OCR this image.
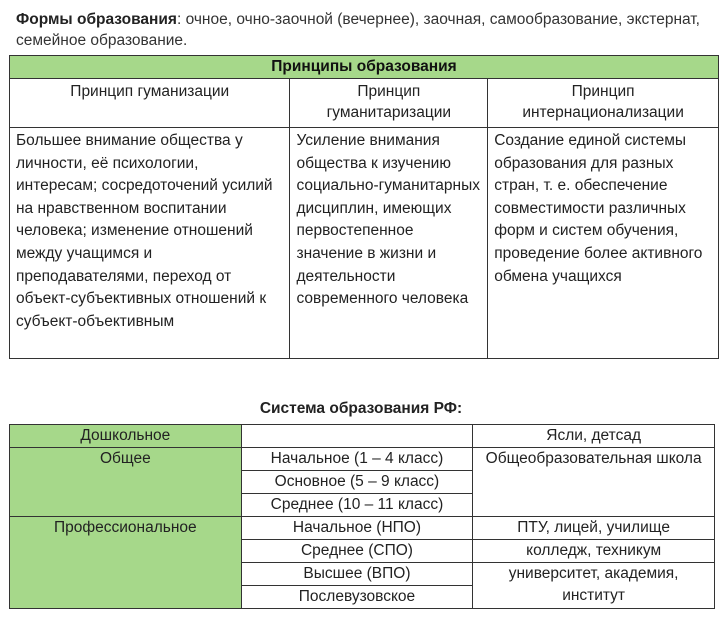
Формы образования: очное, очно-заочной (вечернее), заочная, самообразование, экстернат, семейное образование.
Принципы образования		
Принцип гуманизации	Принцип гуманитаризации	Принцип интернационализации
Большее внимание общества у личности, её психологии, интересам; сосредоточений усилий на нравственном воспитании человека; изменение отношений между учащимся и преподавателями, переход от объект-субъективных отношений к субъект-объективным	Усиление внимания общества к изучению социально-гуманитарных дисциплин, имеющих первостепенное значение в жизни и деятельности современного человека	Создание единой системы образования для разных стран, т. е. обеспечение совместимости различных форм и систем обучения, проведение более активного обмена учащихся
Система образования РФ:
Дошкольное		Ясли, детсад
Общее	Начальное (1 – 4 класс)	Общеобразовательная школа
	Основное (5 – 9 класс)	
	Среднее (10 – 11 класс)	
Профессиональное	Начальное (НПО)	ПТУ, лицей, училище
	Среднее (СПО)	колледж, техникум
	Высшее (ВПО)	университет, академия, институт
	Послевузовское	
